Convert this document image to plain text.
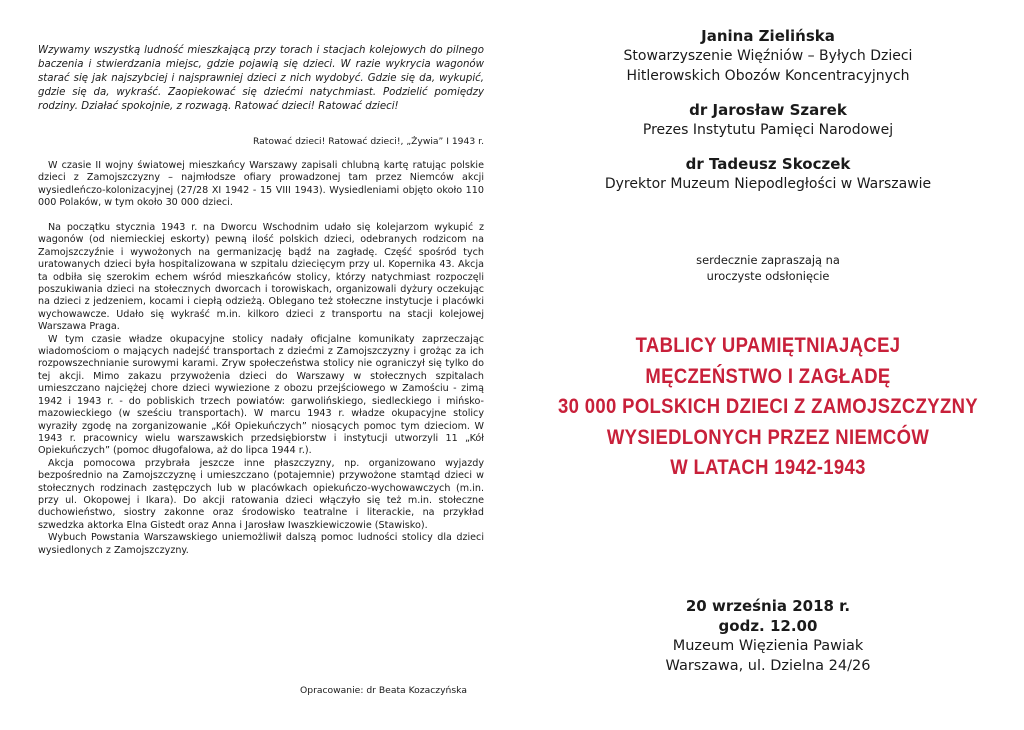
Wzywamy wszystką ludność mieszkającą przy torach i stacjach kolejowych do pilnego baczenia i stwierdzania miejsc, gdzie pojawią się dzieci. W razie wykrycia wagonów starać się jak najszybciej i najsprawniej dzieci z nich wydobyć. Gdzie się da, wykupić, gdzie się da, wykraść. Zaopiekować się dziećmi natychmiast. Podzielić pomiędzy rodziny. Działać spokojnie, z rozwagą. Ratować dzieci! Ratować dzieci!
Ratować dzieci! Ratować dzieci!, „Żywia” I 1943 r.

W czasie II wojny światowej mieszkańcy Warszawy zapisali chlubną kartę ratując polskie dzieci z Zamojszczyzny – najmłodsze ofiary prowadzonej tam przez Niemców akcji wysiedleńczo-kolonizacyjnej (27/28 XI 1942 - 15 VIII 1943). Wysiedleniami objęto około 110 000 Polaków, w tym około 30 000 dzieci.

Na początku stycznia 1943 r. na Dworcu Wschodnim udało się kolejarzom wykupić z wagonów (od niemieckiej eskorty) pewną ilość polskich dzieci, odebranych rodzicom na Zamojszczyźnie i wywożonych na germanizację bądź na zagładę. Część spośród tych uratowanych dzieci była hospitalizowana w szpitalu dziecięcym przy ul. Kopernika 43. Akcja ta odbiła się szerokim echem wśród mieszkańców stolicy, którzy natychmiast rozpoczęli poszukiwania dzieci na stołecznych dworcach i torowiskach, organizowali dyżury oczekując na dzieci z jedzeniem, kocami i ciepłą odzieżą. Oblegano też stołeczne instytucje i placówki wychowawcze. Udało się wykraść m.in. kilkoro dzieci z transportu na stacji kolejowej Warszawa Praga.

W tym czasie władze okupacyjne stolicy nadały oficjalne komunikaty zaprzeczając wiadomościom o mających nadejść transportach z dziećmi z Zamojszczyzny i grożąc za ich rozpowszechnianie surowymi karami. Zryw społeczeństwa stolicy nie ograniczył się tylko do tej akcji. Mimo zakazu przywożenia dzieci do Warszawy w stołecznych szpitalach umieszczano najciężej chore dzieci wywiezione z obozu przejściowego w Zamościu - zimą 1942 i 1943 r. - do pobliskich trzech powiatów: garwolińskiego, siedleckiego i mińsko-mazowieckiego (w sześciu transportach). W marcu 1943 r. władze okupacyjne stolicy wyraziły zgodę na zorganizowanie „Kół Opiekuńczych” niosących pomoc tym dzieciom. W 1943 r. pracownicy wielu warszawskich przedsiębiorstw i instytucji utworzyli 11 „Kół Opiekuńczych” (pomoc długofalowa, aż do lipca 1944 r.).

Akcja pomocowa przybrała jeszcze inne płaszczyzny, np. organizowano wyjazdy bezpośrednio na Zamojszczyznę i umieszczano (potajemnie) przywożone stamtąd dzieci w stołecznych rodzinach zastępczych lub w placówkach opiekuńczo-wychowawczych (m.in. przy ul. Okopowej i Ikara). Do akcji ratowania dzieci włączyło się też m.in. stołeczne duchowieństwo, siostry zakonne oraz środowisko teatralne i literackie, na przykład szwedzka aktorka Elna Gistedt oraz Anna i Jarosław Iwaszkiewiczowie (Stawisko).

Wybuch Powstania Warszawskiego uniemożliwił dalszą pomoc ludności stolicy dla dzieci wysiedlonych z Zamojszczyzny.

Opracowanie: dr Beata Kozaczyńska
Janina Zielińska
Stowarzyszenie Więźniów – Byłych Dzieci
Hitlerowskich Obozów Koncentracyjnych
dr Jarosław Szarek
Prezes Instytutu Pamięci Narodowej
dr Tadeusz Skoczek
Dyrektor Muzeum Niepodległości w Warszawie
serdecznie zapraszają na
uroczyste odsłonięcie
TABLICY UPAMIĘTNIAJĄCEJ
MĘCZEŃSTWO I ZAGŁADĘ
30 000 POLSKICH DZIECI Z ZAMOJSZCZYZNY
WYSIEDLONYCH PRZEZ NIEMCÓW
W LATACH 1942-1943
20 września 2018 r.
godz. 12.00
Muzeum Więzienia Pawiak
Warszawa, ul. Dzielna 24/26
